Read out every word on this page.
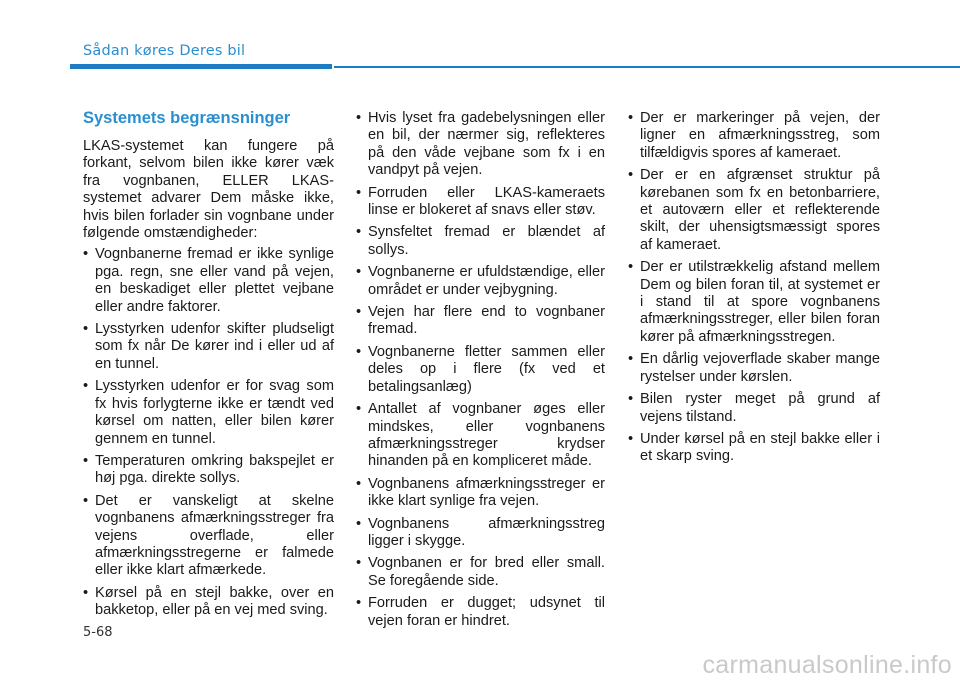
Sådan køres Deres bil
Systemets begrænsninger

LKAS-systemet kan fungere på forkant, selvom bilen ikke kører væk fra vognbanen, ELLER LKAS-systemet advarer Dem måske ikke, hvis bilen forlader sin vognbane under følgende omstændigheder:

• Vognbanerne fremad er ikke synlige pga. regn, sne eller vand på vejen, en beskadiget eller plettet vejbane eller andre faktorer.
• Lysstyrken udenfor skifter pludseligt som fx når De kører ind i eller ud af en tunnel.
• Lysstyrken udenfor er for svag som fx hvis forlygterne ikke er tændt ved kørsel om natten, eller bilen kører gennem en tunnel.
• Temperaturen omkring bakspejlet er høj pga. direkte sollys.
• Det er vanskeligt at skelne vognbanens afmærkningsstreger fra vejens overflade, eller afmærkningsstregerne er falmede eller ikke klart afmærkede.
• Kørsel på en stejl bakke, over en bakketop, eller på en vej med sving.
• Hvis lyset fra gadebelysningen eller en bil, der nærmer sig, reflekteres på den våde vejbane som fx i en vandpyt på vejen.
• Forruden eller LKAS-kameraets linse er blokeret af snavs eller støv.
• Synsfeltet fremad er blændet af sollys.
• Vognbanerne er ufuldstændige, eller området er under vejbygning.
• Vejen har flere end to vognbaner fremad.
• Vognbanerne fletter sammen eller deles op i flere (fx ved et betalingsanlæg)
• Antallet af vognbaner øges eller mindskes, eller vognbanens afmærkningsstreger krydser hinanden på en kompliceret måde.
• Vognbanens afmærkningsstreger er ikke klart synlige fra vejen.
• Vognbanens afmærkningsstreg ligger i skygge.
• Vognbanen er for bred eller small. Se foregående side.
• Forruden er dugget; udsynet til vejen foran er hindret.
• Der er markeringer på vejen, der ligner en afmærkningsstreg, som tilfældigvis spores af kameraet.
• Der er en afgrænset struktur på kørebanen som fx en betonbarriere, et autoværn eller et reflekterende skilt, der uhensigtsmæssigt spores af kameraet.
• Der er utilstrækkelig afstand mellem Dem og bilen foran til, at systemet er i stand til at spore vognbanens afmærkningsstreger, eller bilen foran kører på afmærkningsstregen.
• En dårlig vejoverflade skaber mange rystelser under kørslen.
• Bilen ryster meget på grund af vejens tilstand.
• Under kørsel på en stejl bakke eller i et skarp sving.
5-68
carmanualsonline.info
